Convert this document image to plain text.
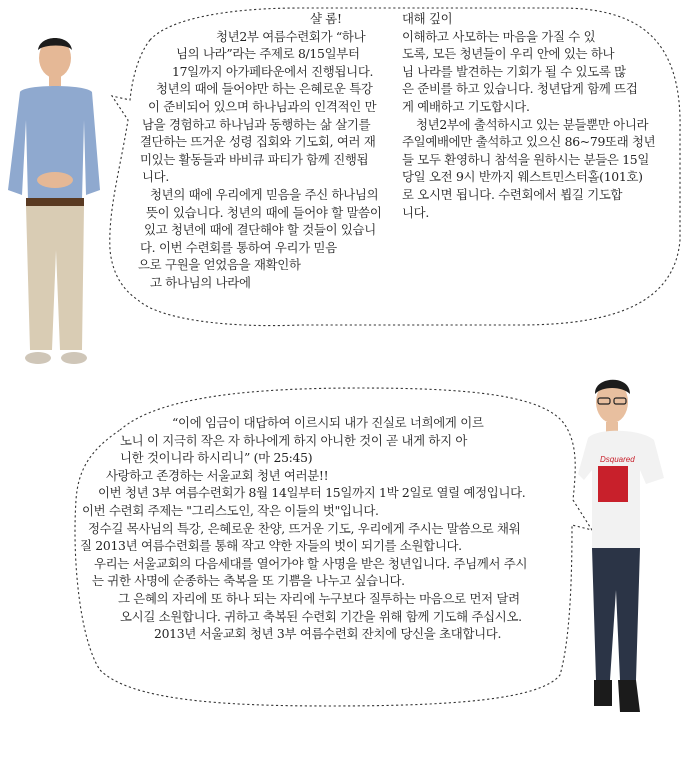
Dsquared
샬 롬!
청년2부 여름수련회가 “하나
님의 나라”라는 주제로 8/15일부터
17일까지 아가페타운에서 진행됩니다.
청년의 때에 들어야만 하는 은혜로운 특강
이 준비되어 있으며 하나님과의 인격적인 만
남을 경험하고 하나님과 동행하는 삶 살기를
결단하는 뜨거운 성령 집회와 기도회, 여러 재
미있는 활동들과 바비큐 파티가 함께 진행됩
니다.
청년의 때에 우리에게 믿음을 주신 하나님의
뜻이 있습니다. 청년의 때에 들어야 할 말씀이
있고 청년에 때에 결단해야 할 것들이 있습니
다. 이번 수련회를 통하여 우리가 믿음
으로 구원을 얻었음을 재확인하
고 하나님의 나라에
대해 깊이
이해하고 사모하는 마음을 가질 수 있
도록, 모든 청년들이 우리 안에 있는 하나
님 나라를 발견하는 기회가 될 수 있도록 많
은 준비를 하고 있습니다. 청년답게 함께 뜨겁
게 예배하고 기도합시다.
청년2부에 출석하시고 있는 분들뿐만 아니라
주일예배에만 출석하고 있으신 86~79또래 청년
들 모두 환영하니 참석을 원하시는 분들은 15일
당일 오전 9시 반까지 웨스트민스터홀(101호)
로 오시면 됩니다. 수련회에서 뵙길 기도합
니다.
“이에 임금이 대답하여 이르시되 내가 진실로 너희에게 이르
노니 이 지극히 작은 자 하나에게 하지 아니한 것이 곧 내게 하지 아
니한 것이니라 하시리니” (마 25:45)
사랑하고 존경하는 서울교회 청년 여러분!!
이번 청년 3부 여름수련회가 8월 14일부터 15일까지 1박 2일로 열릴 예정입니다.
이번 수련회 주제는 "그리스도인, 작은 이들의 벗"입니다.
정수길 목사님의 특강, 은혜로운 찬양, 뜨거운 기도, 우리에게 주시는 말씀으로 채워
질 2013년 여름수련회를 통해 작고 약한 자들의 벗이 되기를 소원합니다.
우리는 서울교회의 다음세대를 열어가야 할 사명을 받은 청년입니다. 주님께서 주시
는 귀한 사명에 순종하는 축복을 또 기쁨을 나누고 싶습니다.
그 은혜의 자리에 또 하나 되는 자리에 누구보다 질투하는 마음으로 먼저 달려
오시길 소원합니다. 귀하고 축복된 수련회 기간을 위해 함께 기도해 주십시오.
2013년 서울교회 청년 3부 여름수련회 잔치에 당신을 초대합니다.
